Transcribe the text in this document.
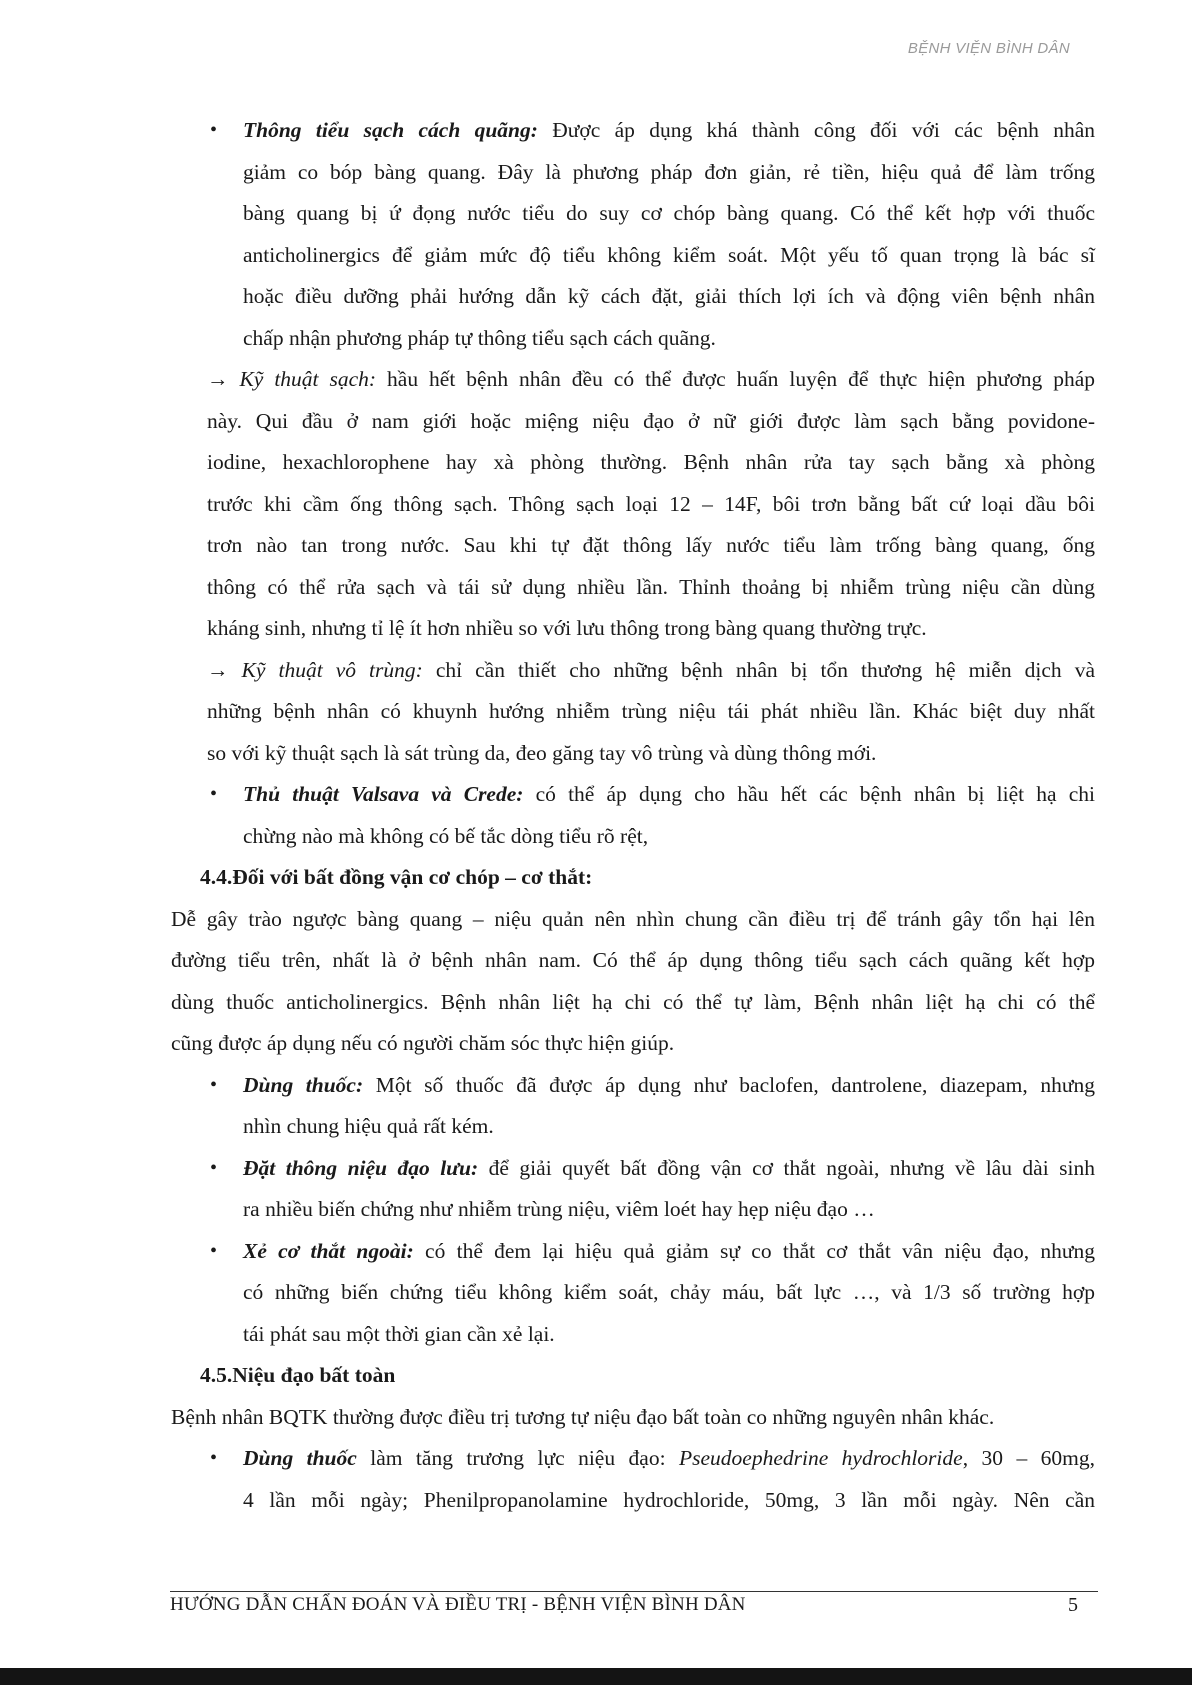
BỆNH VIỆN BÌNH DÂN
• Thông tiểu sạch cách quãng: Được áp dụng khá thành công đối với các bệnh nhân
giảm co bóp bàng quang. Đây là phương pháp đơn giản, rẻ tiền, hiệu quả để làm trống
bàng quang bị ứ đọng nước tiểu do suy cơ chóp bàng quang. Có thể kết hợp với thuốc
anticholinergics để giảm mức độ tiểu không kiểm soát. Một yếu tố quan trọng là bác sĩ
hoặc điều dưỡng phải hướng dẫn kỹ cách đặt, giải thích lợi ích và động viên bệnh nhân
chấp nhận phương pháp tự thông tiểu sạch cách quãng.
→ Kỹ thuật sạch: hầu hết bệnh nhân đều có thể được huấn luyện để thực hiện phương pháp
này. Qui đầu ở nam giới hoặc miệng niệu đạo ở nữ giới được làm sạch bằng povidone-
iodine, hexachlorophene hay xà phòng thường. Bệnh nhân rửa tay sạch bằng xà phòng
trước khi cầm ống thông sạch. Thông sạch loại 12 – 14F, bôi trơn bằng bất cứ loại dầu bôi
trơn nào tan trong nước. Sau khi tự đặt thông lấy nước tiểu làm trống bàng quang, ống
thông có thể rửa sạch và tái sử dụng nhiều lần. Thỉnh thoảng bị nhiễm trùng niệu cần dùng
kháng sinh, nhưng tỉ lệ ít hơn nhiều so với lưu thông trong bàng quang thường trực.
→ Kỹ thuật vô trùng: chỉ cần thiết cho những bệnh nhân bị tổn thương hệ miễn dịch và
những bệnh nhân có khuynh hướng nhiễm trùng niệu tái phát nhiều lần. Khác biệt duy nhất
so với kỹ thuật sạch là sát trùng da, đeo găng tay vô trùng và dùng thông mới.
• Thủ thuật Valsava và Crede: có thể áp dụng cho hầu hết các bệnh nhân bị liệt hạ chi
chừng nào mà không có bế tắc dòng tiểu rõ rệt,
4.4.Đối với bất đồng vận cơ chóp – cơ thắt:
Dễ gây trào ngược bàng quang – niệu quản nên nhìn chung cần điều trị để tránh gây tổn hại lên
đường tiểu trên, nhất là ở bệnh nhân nam. Có thể áp dụng thông tiểu sạch cách quãng kết hợp
dùng thuốc anticholinergics. Bệnh nhân liệt hạ chi có thể tự làm, Bệnh nhân liệt hạ chi có thể
cũng được áp dụng nếu có người chăm sóc thực hiện giúp.
• Dùng thuốc: Một số thuốc đã được áp dụng như baclofen, dantrolene, diazepam, nhưng
nhìn chung hiệu quả rất kém.
• Đặt thông niệu đạo lưu: để giải quyết bất đồng vận cơ thắt ngoài, nhưng về lâu dài sinh
ra nhiều biến chứng như nhiễm trùng niệu, viêm loét hay hẹp niệu đạo …
• Xẻ cơ thắt ngoài: có thể đem lại hiệu quả giảm sự co thắt cơ thắt vân niệu đạo, nhưng
có những biến chứng tiểu không kiểm soát, chảy máu, bất lực …, và 1/3 số trường hợp
tái phát sau một thời gian cần xẻ lại.
4.5.Niệu đạo bất toàn
Bệnh nhân BQTK thường được điều trị tương tự niệu đạo bất toàn co những nguyên nhân khác.
• Dùng thuốc làm tăng trương lực niệu đạo: Pseudoephedrine hydrochloride, 30 – 60mg,
4 lần mỗi ngày; Phenilpropanolamine hydrochloride, 50mg, 3 lần mỗi ngày. Nên cần
HƯỚNG DẪN CHẨN ĐOÁN VÀ ĐIỀU TRỊ - BỆNH VIỆN BÌNH DÂN	5
